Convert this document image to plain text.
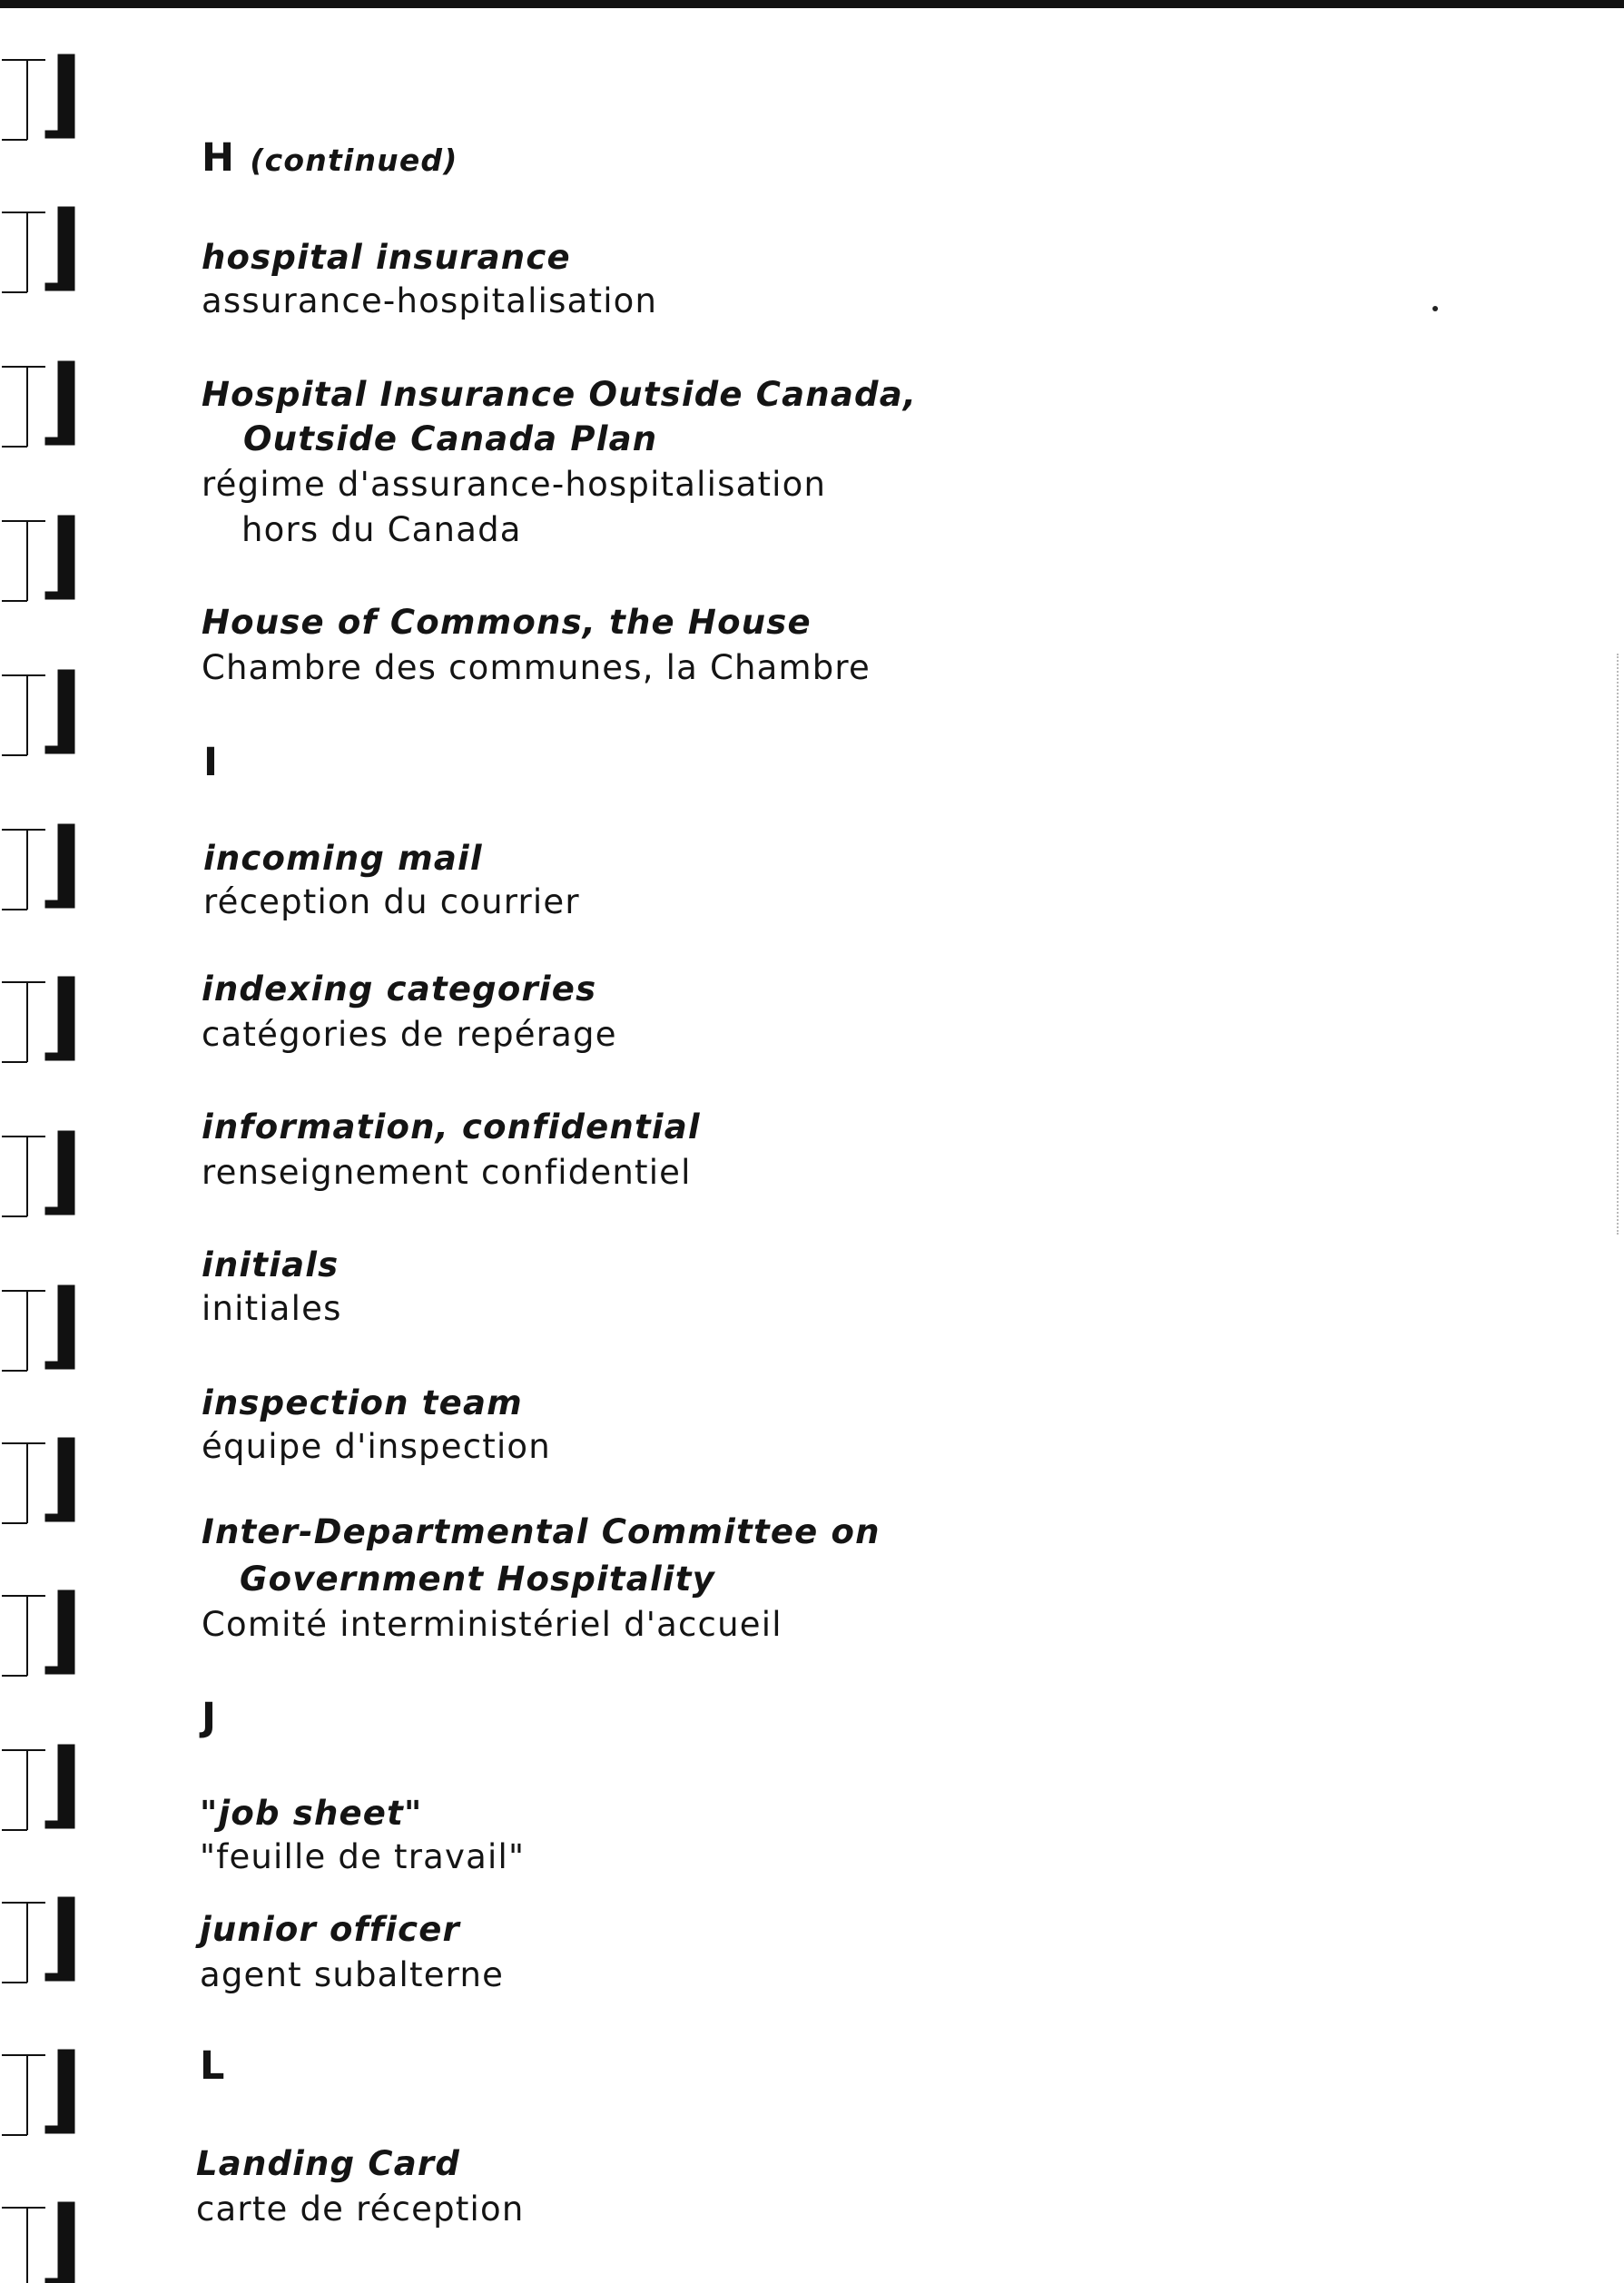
H (continued)
hospital insurance
assurance-hospitalisation
Hospital Insurance Outside Canada,
Outside Canada Plan
régime d'assurance-hospitalisation
hors du Canada
House of Commons, the House
Chambre des communes, la Chambre
I
incoming mail
réception du courrier
indexing categories
catégories de repérage
information, confidential
renseignement confidentiel
initials
initiales
inspection team
équipe d'inspection
Inter-Departmental Committee on
Government Hospitality
Comité interministériel d'accueil
J
"job sheet"
"feuille de travail"
junior officer
agent subalterne
L
Landing Card
carte de réception
